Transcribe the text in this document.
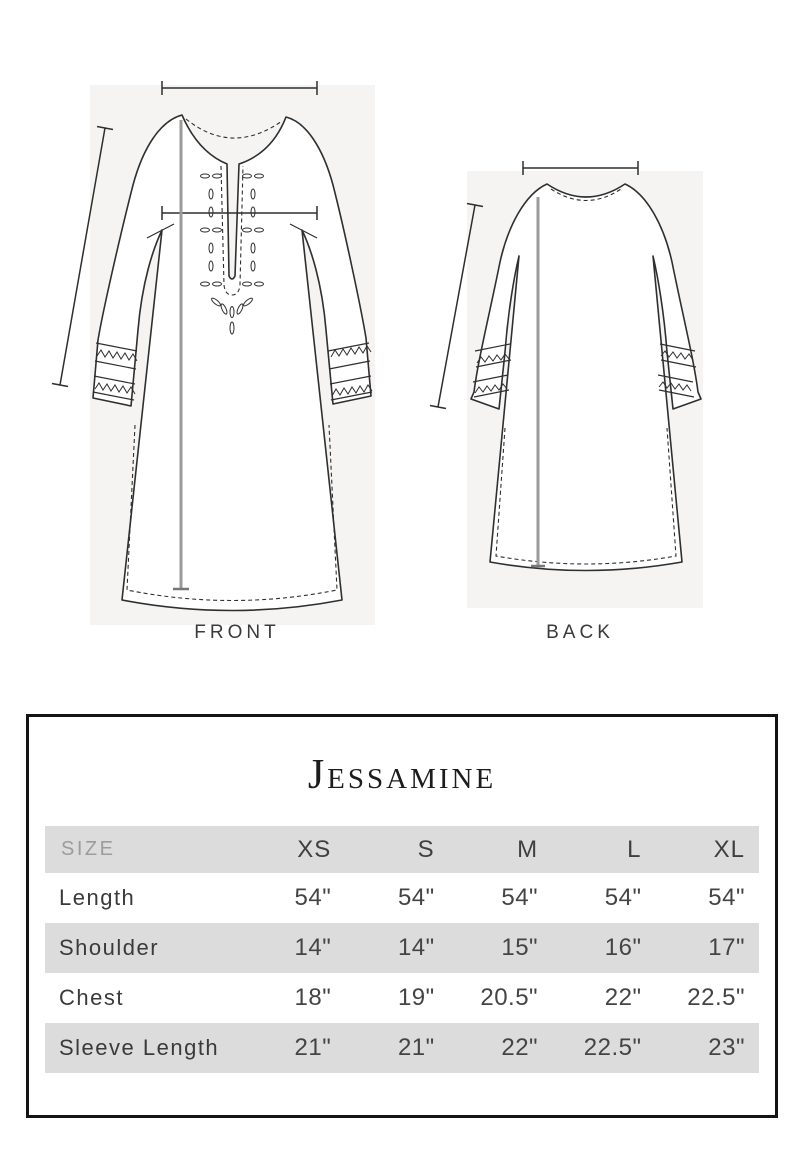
FRONT	BACK
Jessamine
SIZE	XS	S	M	L	XL
Length	54"	54"	54"	54"	54"
Shoulder	14"	14"	15"	16"	17"
Chest	18"	19"	20.5"	22"	22.5"
Sleeve Length	21"	21"	22"	22.5"	23"
